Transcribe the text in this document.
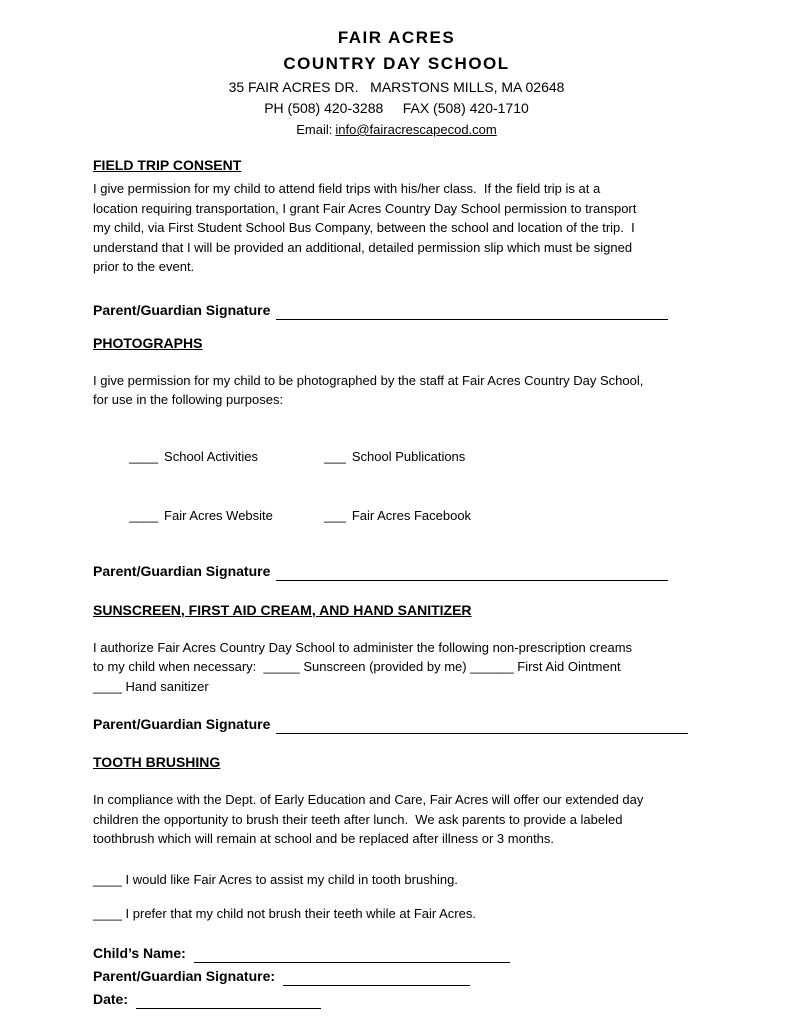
FAIR ACRES
COUNTRY DAY SCHOOL
35 FAIR ACRES DR.   MARSTONS MILLS, MA 02648
PH (508) 420-3288     FAX (508) 420-1710
Email: info@fairacrescapecod.com
FIELD TRIP CONSENT
I give permission for my child to attend field trips with his/her class.  If the field trip is at a
location requiring transportation, I grant Fair Acres Country Day School permission to transport
my child, via First Student School Bus Company, between the school and location of the trip.  I
understand that I will be provided an additional, detailed permission slip which must be signed
prior to the event.
Parent/Guardian Signature
PHOTOGRAPHS
I give permission for my child to be photographed by the staff at Fair Acres Country Day School,
for use in the following purposes:

____ School Activities
	___ School Publications

____ Fair Acres Website
	___ Fair Acres Facebook

Parent/Guardian Signature
SUNSCREEN, FIRST AID CREAM, AND HAND SANITIZER
I authorize Fair Acres Country Day School to administer the following non-prescription creams
to my child when necessary:  _____ Sunscreen (provided by me) ______ First Aid Ointment
____ Hand sanitizer
Parent/Guardian Signature
TOOTH BRUSHING
In compliance with the Dept. of Early Education and Care, Fair Acres will offer our extended day
children the opportunity to brush their teeth after lunch.  We ask parents to provide a labeled
toothbrush which will remain at school and be replaced after illness or 3 months.
____ I would like Fair Acres to assist my child in tooth brushing.
____ I prefer that my child not brush their teeth while at Fair Acres.
Child’s Name:
Parent/Guardian Signature:
Date:
